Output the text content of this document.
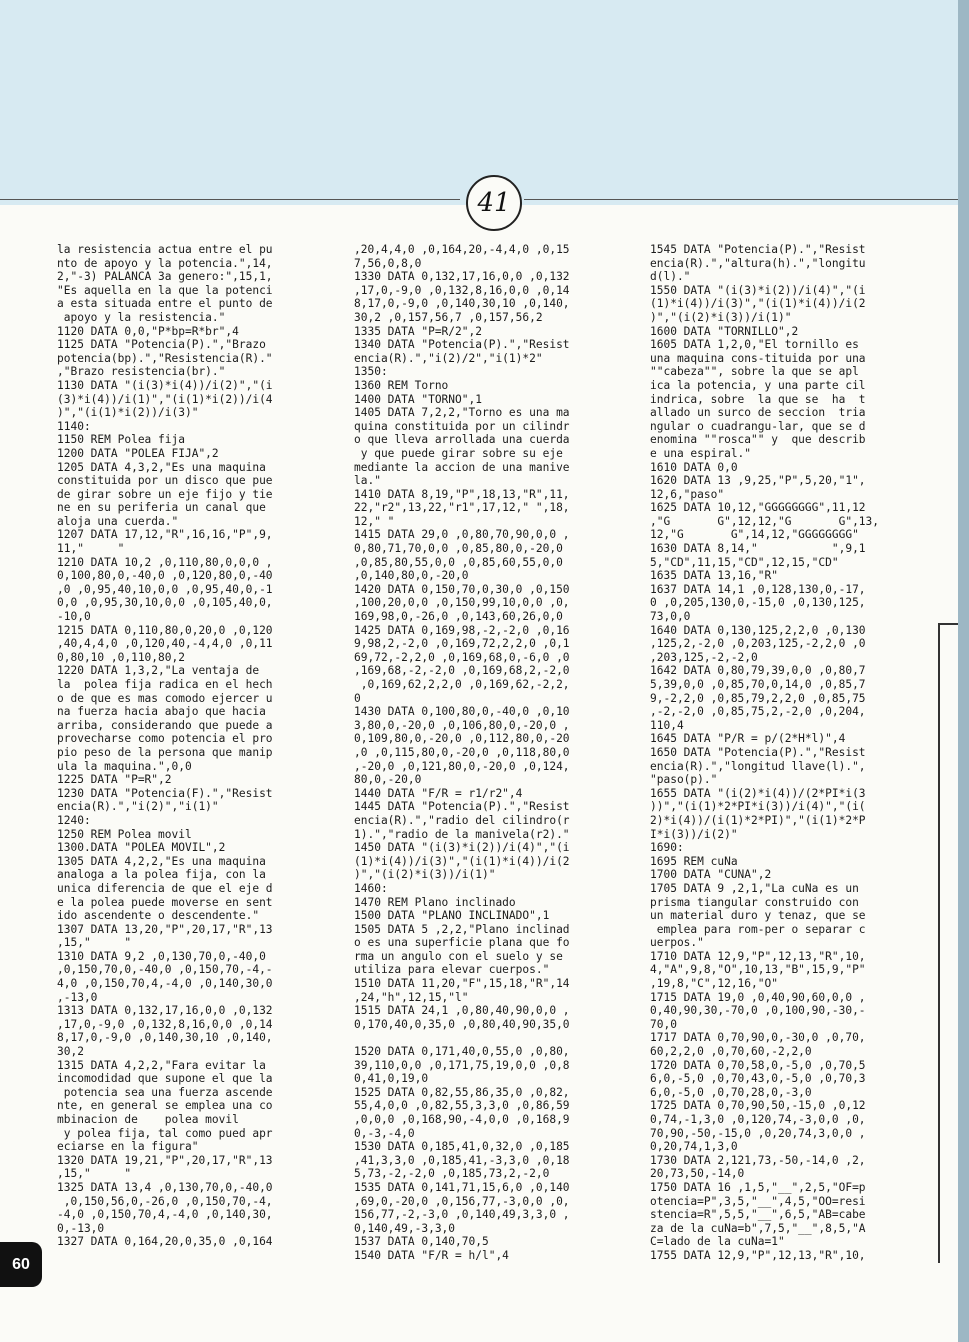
41
la resistencia actua entre el pu
nto de apoyo y la potencia.",14,
2,"-3) PALANCA 3a genero:",15,1,
"Es aquella en la que la potenci
a esta situada entre el punto de
apoyo y la resistencia."
1120 DATA 0,0,"P*bp=R*br",4
1125 DATA "Potencia(P).","Brazo
potencia(bp).","Resistencia(R)."
,"Brazo resistencia(br)."
1130 DATA "(i(3)*i(4))/i(2)","(i
(3)*i(4))/i(1)","(i(1)*i(2))/i(4
)","(i(1)*i(2))/i(3)"
1140:
1150 REM Polea fija
1200 DATA "POLEA FIJA",2
1205 DATA 4,3,2,"Es una maquina
constituida por un disco que pue
de girar sobre un eje fijo y tie
ne en su periferia un canal que
aloja una cuerda."
1207 DATA 17,12,"R",16,16,"P",9,
11,"     "
1210 DATA 10,2 ,0,110,80,0,0,0 ,
0,100,80,0,-40,0 ,0,120,80,0,-40
,0 ,0,95,40,10,0,0 ,0,95,40,0,-1
0,0 ,0,95,30,10,0,0 ,0,105,40,0,
-10,0
1215 DATA 0,110,80,0,20,0 ,0,120
,40,4,4,0 ,0,120,40,-4,4,0 ,0,11
0,80,10 ,0,110,80,2
1220 DATA 1,3,2,"La ventaja de
la  polea fija radica en el hech
o de que es mas comodo ejercer u
na fuerza hacia abajo que hacia
arriba, considerando que puede a
provecharse como potencia el pro
pio peso de la persona que manip
ula la maquina.",0,0
1225 DATA "P=R",2
1230 DATA "Potencia(F).","Resist
encia(R).","i(2)","i(1)"
1240:
1250 REM Polea movil
1300.DATA "POLEA MOVIL",2
1305 DATA 4,2,2,"Es una maquina
analoga a la polea fija, con la
unica diferencia de que el eje d
e la polea puede moverse en sent
ido ascendente o descendente."
1307 DATA 13,20,"P",20,17,"R",13
,15,"     "
1310 DATA 9,2 ,0,130,70,0,-40,0
,0,150,70,0,-40,0 ,0,150,70,-4,-
4,0 ,0,150,70,4,-4,0 ,0,140,30,0
,-13,0
1313 DATA 0,132,17,16,0,0 ,0,132
,17,0,-9,0 ,0,132,8,16,0,0 ,0,14
8,17,0,-9,0 ,0,140,30,10 ,0,140,
30,2
1315 DATA 4,2,2,"Fara evitar la
incomodidad que supone el que la
potencia sea una fuerza ascende
nte, en general se emplea una co
mbinacion de    polea movil
y polea fija, tal como pued apr
eciarse en la figura"
1320 DATA 19,21,"P",20,17,"R",13
,15,"     "
1325 DATA 13,4 ,0,130,70,0,-40,0
,0,150,56,0,-26,0 ,0,150,70,-4,
-4,0 ,0,150,70,4,-4,0 ,0,140,30,
0,-13,0
1327 DATA 0,164,20,0,35,0 ,0,164
,20,4,4,0 ,0,164,20,-4,4,0 ,0,15
7,56,0,8,0
1330 DATA 0,132,17,16,0,0 ,0,132
,17,0,-9,0 ,0,132,8,16,0,0 ,0,14
8,17,0,-9,0 ,0,140,30,10 ,0,140,
30,2 ,0,157,56,7 ,0,157,56,2
1335 DATA "P=R/2",2
1340 DATA "Potencia(P).","Resist
encia(R).","i(2)/2","i(1)*2"
1350:
1360 REM Torno
1400 DATA "TORNO",1
1405 DATA 7,2,2,"Torno es una ma
quina constituida por un cilindr
o que lleva arrollada una cuerda
y que puede girar sobre su eje
mediante la accion de una manive
la."
1410 DATA 8,19,"P",18,13,"R",11,
22,"r2",13,22,"r1",17,12," ",18,
12," "
1415 DATA 29,0 ,0,80,70,90,0,0 ,
0,80,71,70,0,0 ,0,85,80,0,-20,0
,0,85,80,55,0,0 ,0,85,60,55,0,0
,0,140,80,0,-20,0
1420 DATA 0,150,70,0,30,0 ,0,150
,100,20,0,0 ,0,150,99,10,0,0 ,0,
169,98,0,-26,0 ,0,143,60,26,0,0
1425 DATA 0,169,98,-2,-2,0 ,0,16
9,98,2,-2,0 ,0,169,72,2,2,0 ,0,1
69,72,-2,2,0 ,0,169,68,0,-6,0 ,0
,169,68,-2,-2,0 ,0,169,68,2,-2,0
,0,169,62,2,2,0 ,0,169,62,-2,2,
0
1430 DATA 0,100,80,0,-40,0 ,0,10
3,80,0,-20,0 ,0,106,80,0,-20,0 ,
0,109,80,0,-20,0 ,0,112,80,0,-20
,0 ,0,115,80,0,-20,0 ,0,118,80,0
,-20,0 ,0,121,80,0,-20,0 ,0,124,
80,0,-20,0
1440 DATA "F/R = r1/r2",4
1445 DATA "Potencia(P).","Resist
encia(R).","radio del cilindro(r
1).","radio de la manivela(r2)."
1450 DATA "(i(3)*i(2))/i(4)","(i
(1)*i(4))/i(3)","(i(1)*i(4))/i(2
)","(i(2)*i(3))/i(1)"
1460:
1470 REM Plano inclinado
1500 DATA "PLANO INCLINADO",1
1505 DATA 5 ,2,2,"Plano inclinad
o es una superficie plana que fo
rma un angulo con el suelo y se
utiliza para elevar cuerpos."
1510 DATA 11,20,"F",15,18,"R",14
,24,"h",12,15,"l"
1515 DATA 24,1 ,0,80,40,90,0,0 ,
0,170,40,0,35,0 ,0,80,40,90,35,0

1520 DATA 0,171,40,0,55,0 ,0,80,
39,110,0,0 ,0,171,75,19,0,0 ,0,8
0,41,0,19,0
1525 DATA 0,82,55,86,35,0 ,0,82,
55,4,0,0 ,0,82,55,3,3,0 ,0,86,59
,0,0,0 ,0,168,90,-4,0,0 ,0,168,9
0,-3,-4,0
1530 DATA 0,185,41,0,32,0 ,0,185
,41,3,3,0 ,0,185,41,-3,3,0 ,0,18
5,73,-2,-2,0 ,0,185,73,2,-2,0
1535 DATA 0,141,71,15,6,0 ,0,140
,69,0,-20,0 ,0,156,77,-3,0,0 ,0,
156,77,-2,-3,0 ,0,140,49,3,3,0 ,
0,140,49,-3,3,0
1537 DATA 0,140,70,5
1540 DATA "F/R = h/l",4
1545 DATA "Potencia(P).","Resist
encia(R).","altura(h).","longitu
d(l)."
1550 DATA "(i(3)*i(2))/i(4)","(i
(1)*i(4))/i(3)","(i(1)*i(4))/i(2
)","(i(2)*i(3))/i(1)"
1600 DATA "TORNILLO",2
1605 DATA 1,2,0,"El tornillo es
una maquina cons-tituida por una
""cabeza"", sobre la que se apl
ica la potencia, y una parte cil
indrica, sobre  la que se  ha  t
allado un surco de seccion  tria
ngular o cuadrangu-lar, que se d
enomina ""rosca"" y  que describ
e una espiral."
1610 DATA 0,0
1620 DATA 13 ,9,25,"P",5,20,"1",
12,6,"paso"
1625 DATA 10,12,"GGGGGGGG",11,12
,"G       G",12,12,"G       G",13,
12,"G       G",14,12,"GGGGGGGG"
1630 DATA 8,14,"           ",9,1
5,"CD",11,15,"CD",12,15,"CD"
1635 DATA 13,16,"R"
1637 DATA 14,1 ,0,128,130,0,-17,
0 ,0,205,130,0,-15,0 ,0,130,125,
73,0,0
1640 DATA 0,130,125,2,2,0 ,0,130
,125,2,-2,0 ,0,203,125,-2,2,0 ,0
,203,125,-2,-2,0
1642 DATA 0,80,79,39,0,0 ,0,80,7
5,39,0,0 ,0,85,70,0,14,0 ,0,85,7
9,-2,2,0 ,0,85,79,2,2,0 ,0,85,75
,-2,-2,0 ,0,85,75,2,-2,0 ,0,204,
110,4
1645 DATA "P/R = p/(2*H*l)",4
1650 DATA "Potencia(P).","Resist
encia(R).","longitud llave(l).",
"paso(p)."
1655 DATA "(i(2)*i(4))/(2*PI*i(3
))","(i(1)*2*PI*i(3))/i(4)","(i(
2)*i(4))/(i(1)*2*PI)","(i(1)*2*P
I*i(3))/i(2)"
1690:
1695 REM cuNa
1700 DATA "CUNA",2
1705 DATA 9 ,2,1,"La cuNa es un
prisma tiangular construido con
un material duro y tenaz, que se
emplea para rom-per o separar c
uerpos."
1710 DATA 12,9,"P",12,13,"R",10,
4,"A",9,8,"O",10,13,"B",15,9,"P"
,19,8,"C",12,16,"O"
1715 DATA 19,0 ,0,40,90,60,0,0 ,
0,40,90,30,-70,0 ,0,100,90,-30,-
70,0
1717 DATA 0,70,90,0,-30,0 ,0,70,
60,2,2,0 ,0,70,60,-2,2,0
1720 DATA 0,70,58,0,-5,0 ,0,70,5
6,0,-5,0 ,0,70,43,0,-5,0 ,0,70,3
6,0,-5,0 ,0,70,28,0,-3,0
1725 DATA 0,70,90,50,-15,0 ,0,12
0,74,-1,3,0 ,0,120,74,-3,0,0 ,0,
70,90,-50,-15,0 ,0,20,74,3,0,0 ,
0,20,74,1,3,0
1730 DATA 2,121,73,-50,-14,0 ,2,
20,73,50,-14,0
1750 DATA 16 ,1,5,"__",2,5,"OF=p
otencia=P",3,5,"__",4,5,"OO=resi
stencia=R",5,5,"__",6,5,"AB=cabe
za de la cuNa=b",7,5,"__",8,5,"A
C=lado de la cuNa=1"
1755 DATA 12,9,"P",12,13,"R",10,
60
